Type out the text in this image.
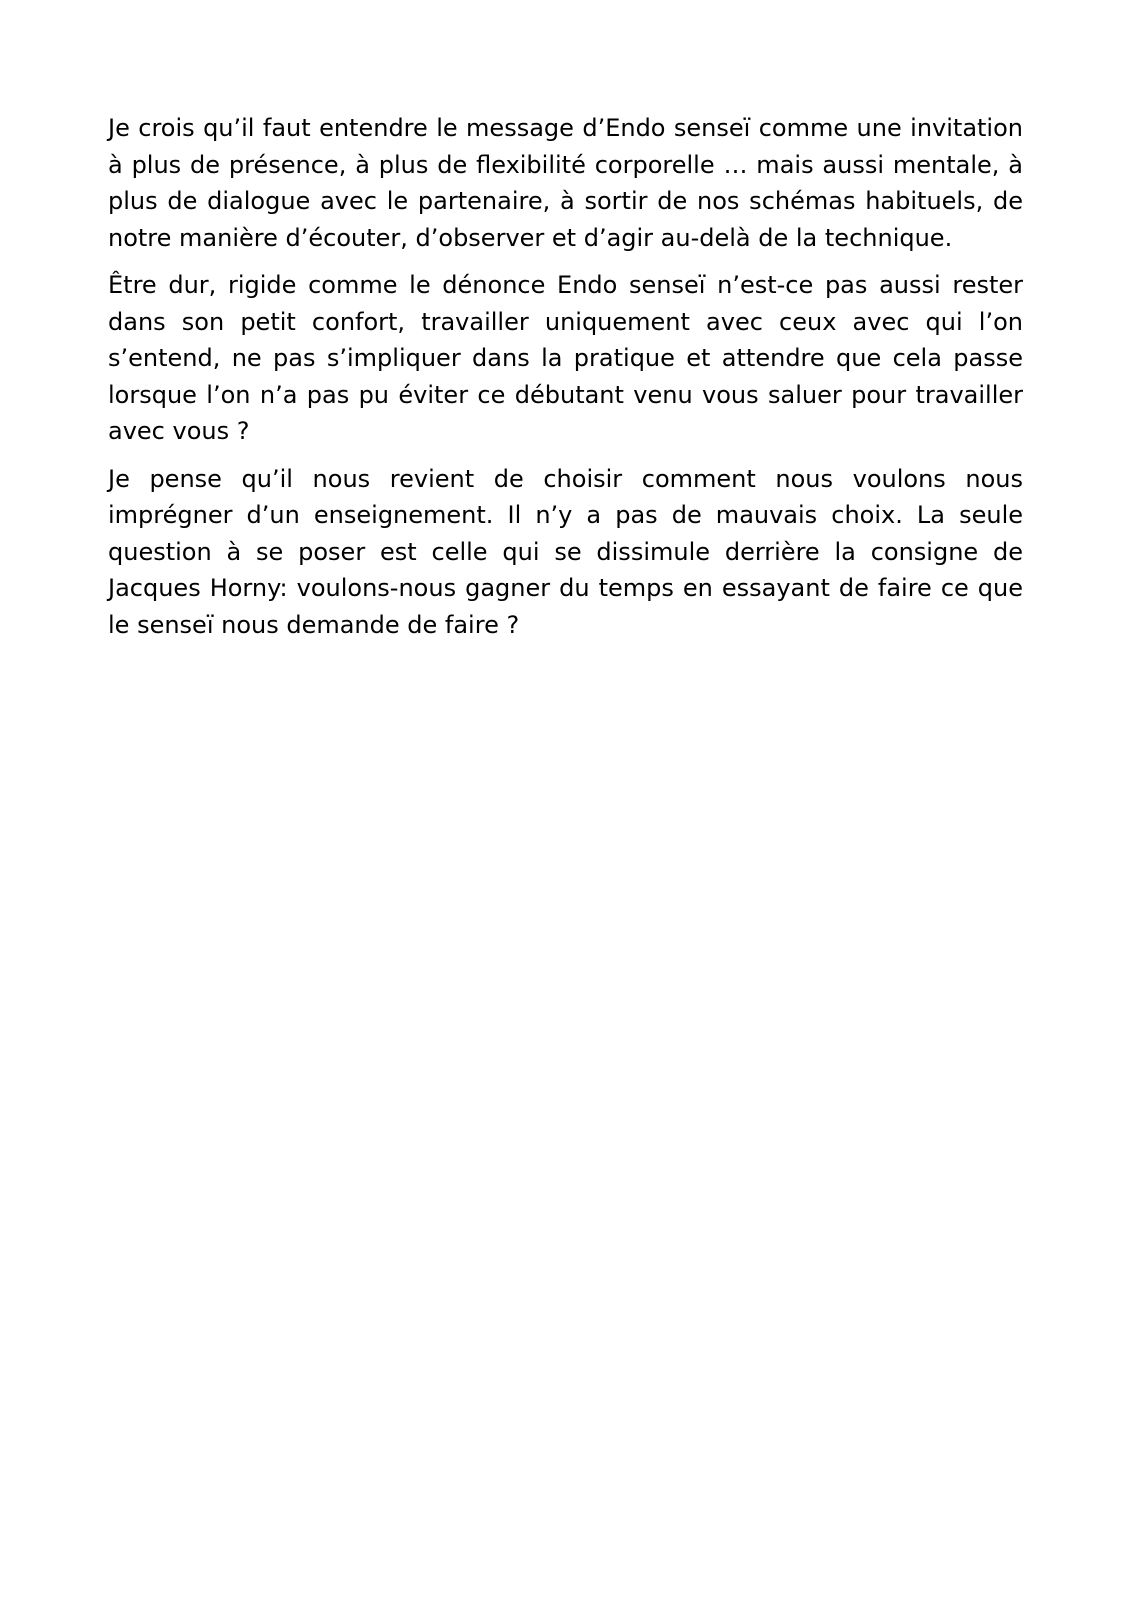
Je crois qu’il faut entendre le message d’Endo senseï comme une invitation à plus de présence, à plus de flexibilité corporelle … mais aussi mentale, à plus de dialogue avec le partenaire, à sortir de nos schémas habituels, de notre manière d’écouter, d’observer et d’agir au-delà de la technique.

Être dur, rigide comme le dénonce Endo senseï n’est-ce pas aussi rester dans son petit confort, travailler uniquement avec ceux avec qui l’on s’entend, ne pas s’impliquer dans la pratique et attendre que cela passe lorsque l’on n’a pas pu éviter ce débutant venu vous saluer pour travailler avec vous ?

Je pense qu’il nous revient de choisir comment nous voulons nous imprégner d’un enseignement. Il n’y a pas de mauvais choix. La seule question à se poser est celle qui se dissimule derrière la consigne de Jacques Horny: voulons-nous gagner du temps en essayant de faire ce que le senseï nous demande de faire ?
